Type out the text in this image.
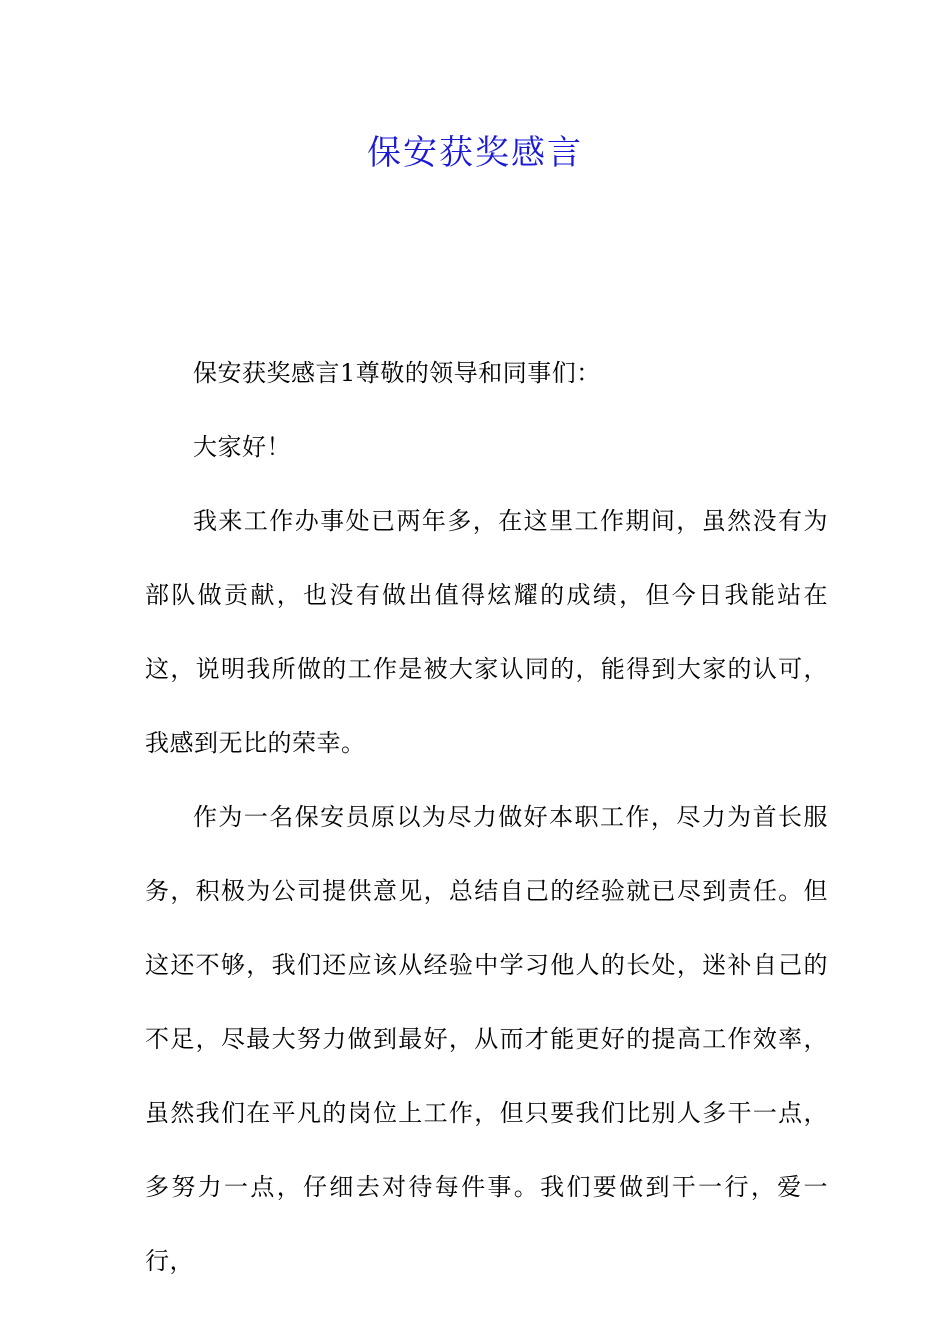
保安获奖感言

保安获奖感言1尊敬的领导和同事们：

大家好！

我来工作办事处已两年多，在这里工作期间，虽然没有为部队做贡献，也没有做出值得炫耀的成绩，但今日我能站在这，说明我所做的工作是被大家认同的，能得到大家的认可，我感到无比的荣幸。

作为一名保安员原以为尽力做好本职工作，尽力为首长服务，积极为公司提供意见，总结自己的经验就已尽到责任。但这还不够，我们还应该从经验中学习他人的长处，迷补自己的不足，尽最大努力做到最好，从而才能更好的提高工作效率，虽然我们在平凡的岗位上工作，但只要我们比别人多干一点，多努力一点，仔细去对待每件事。我们要做到干一行，爱一行，
